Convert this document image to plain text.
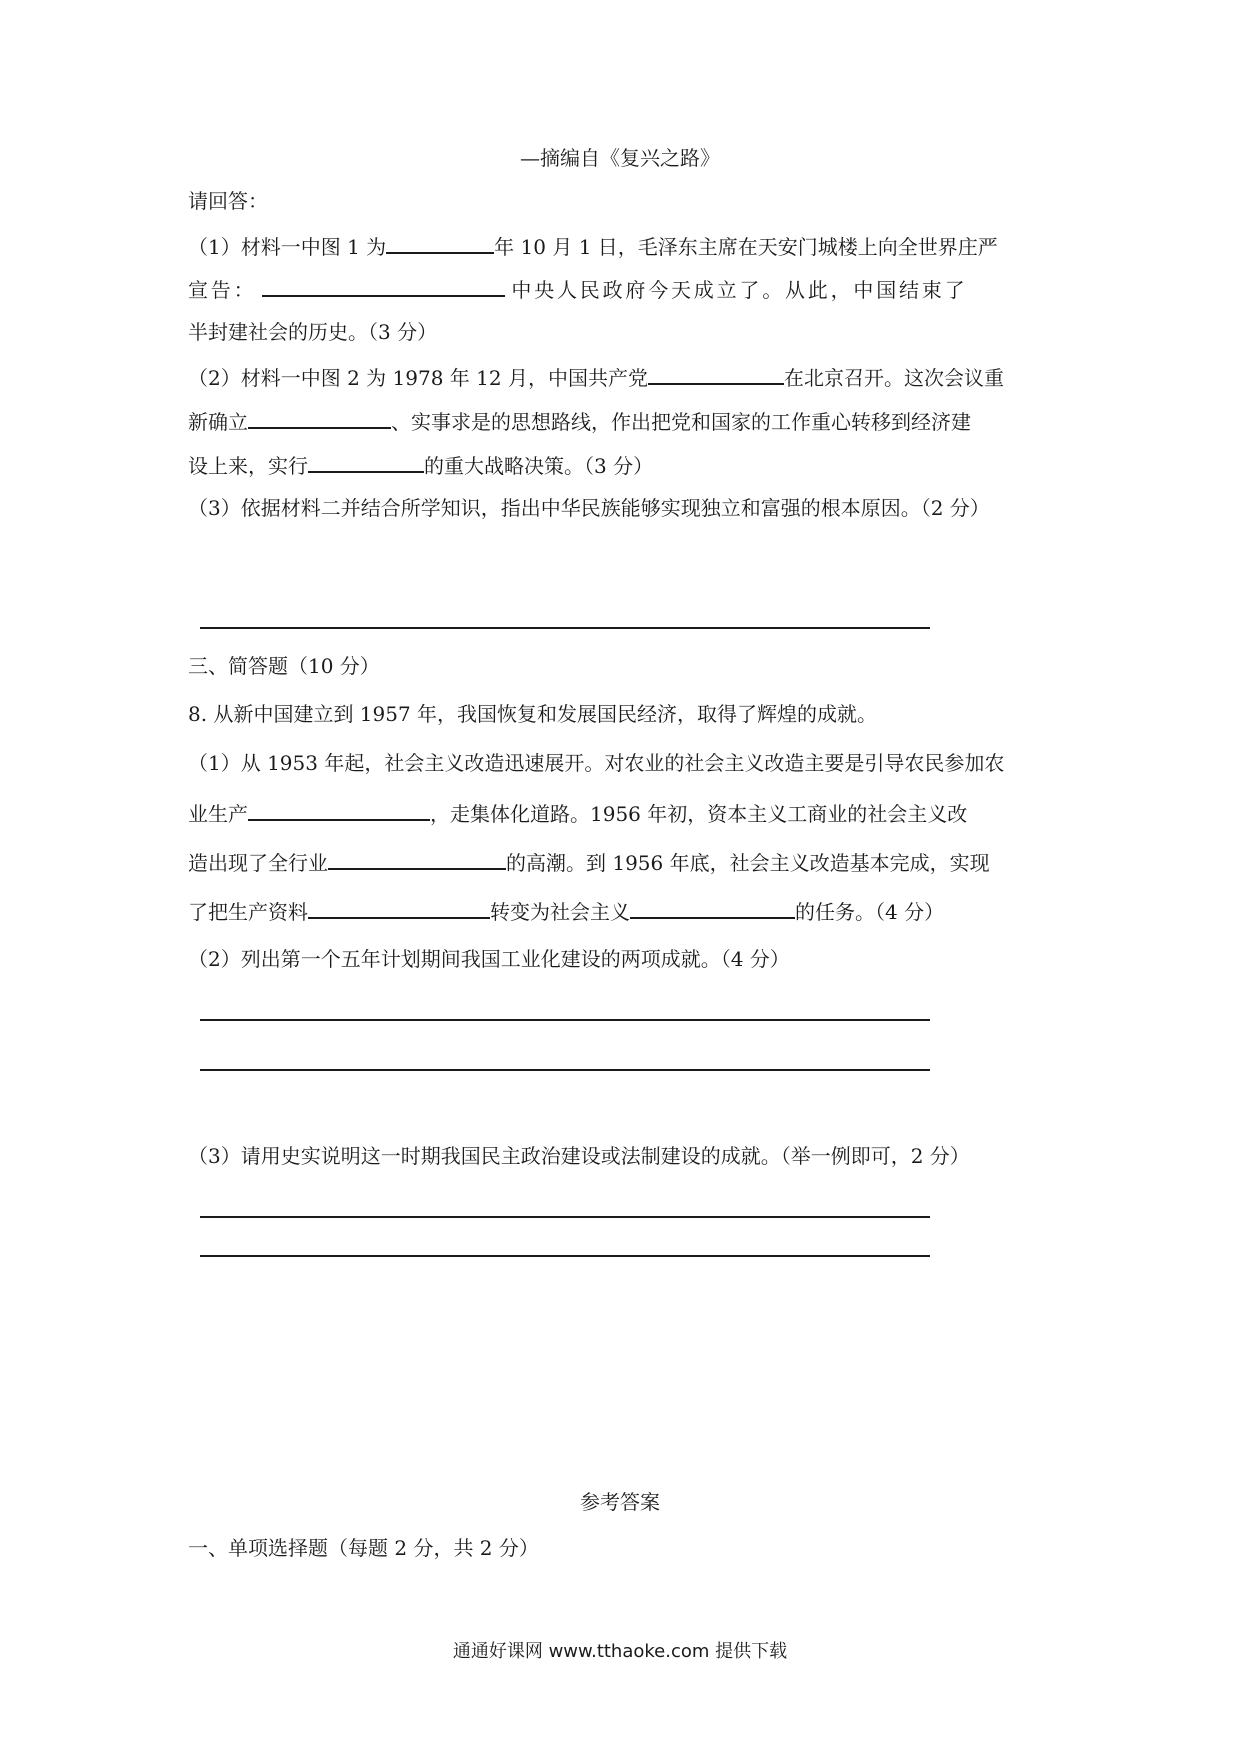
—摘编自《复兴之路》
请回答：
（1）材料一中图 1 为	年 10 月 1 日，毛泽东主席在天安门城楼上向全世界庄严
宣告：	中央人民政府今天成立了。从此，中国结束了
半封建社会的历史。（3 分）
（2）材料一中图 2 为 1978 年 12 月，中国共产党	在北京召开。这次会议重
新确立	、实事求是的思想路线，作出把党和国家的工作重心转移到经济建
设上来，实行	的重大战略决策。（3 分）
（3）依据材料二并结合所学知识，指出中华民族能够实现独立和富强的根本原因。（2 分）
三、简答题（10 分）
8. 从新中国建立到 1957 年，我国恢复和发展国民经济，取得了辉煌的成就。
（1）从 1953 年起，社会主义改造迅速展开。对农业的社会主义改造主要是引导农民参加农
业生产	，走集体化道路。1956 年初，资本主义工商业的社会主义改
造出现了全行业	的高潮。到 1956 年底，社会主义改造基本完成，实现
了把生产资料	转变为社会主义	的任务。（4 分）
（2）列出第一个五年计划期间我国工业化建设的两项成就。（4 分）
（3）请用史实说明这一时期我国民主政治建设或法制建设的成就。（举一例即可，2 分）
参考答案
一、单项选择题（每题 2 分，共 2 分）
通通好课网 www.tthaoke.com 提供下载
